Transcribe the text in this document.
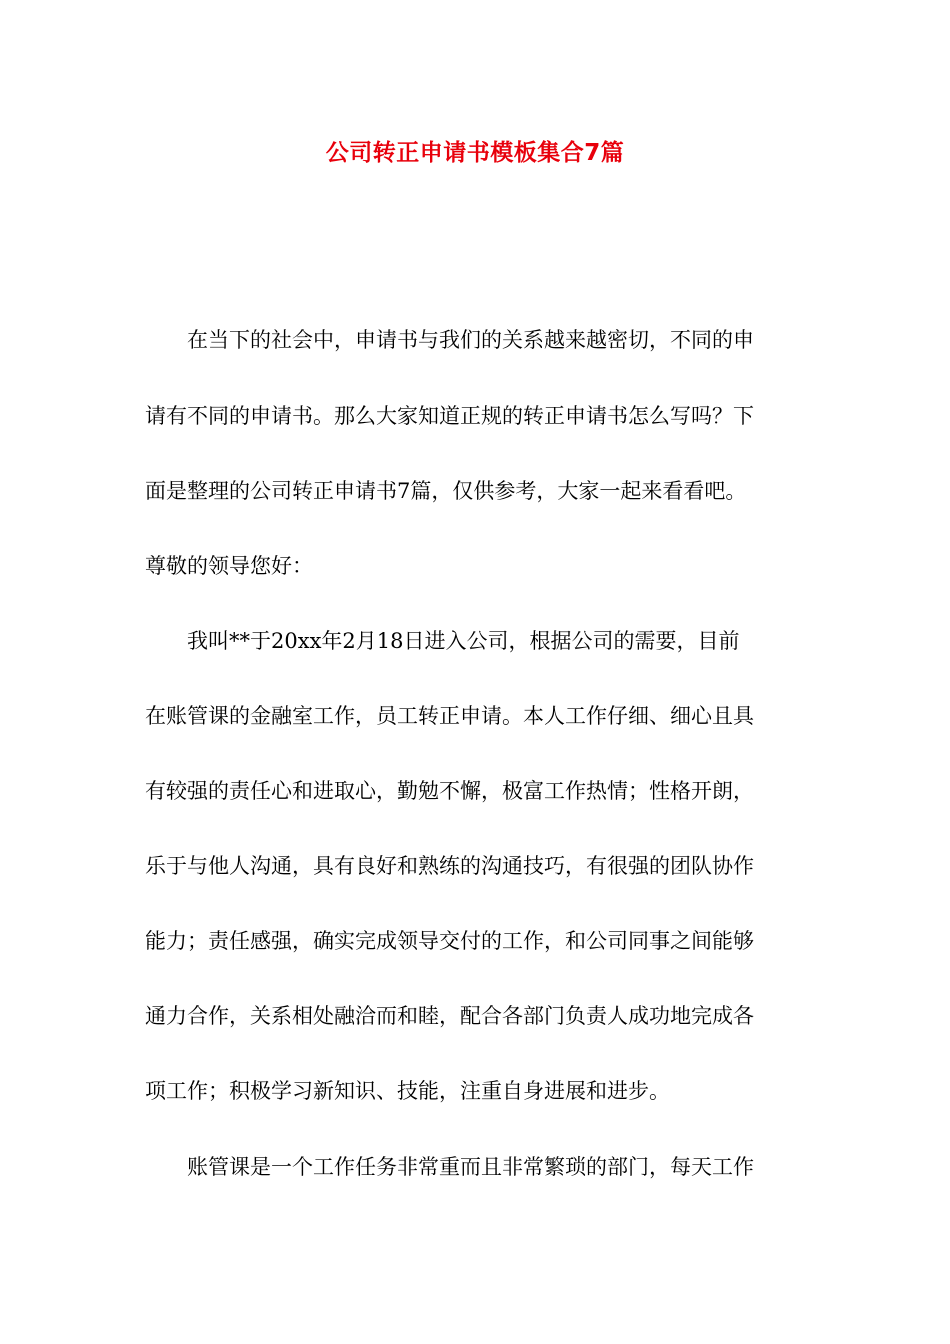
公司转正申请书模板集合7篇
　　在当下的社会中，申请书与我们的关系越来越密切，不同的申
请有不同的申请书。那么大家知道正规的转正申请书怎么写吗？下
面是整理的公司转正申请书7篇，仅供参考，大家一起来看看吧。
尊敬的领导您好：
　　我叫**于20xx年2月18日进入公司，根据公司的需要，目前
在账管课的金融室工作，员工转正申请。本人工作仔细、细心且具
有较强的责任心和进取心，勤勉不懈，极富工作热情；性格开朗，
乐于与他人沟通，具有良好和熟练的沟通技巧，有很强的团队协作
能力；责任感强，确实完成领导交付的工作，和公司同事之间能够
通力合作，关系相处融洽而和睦，配合各部门负责人成功地完成各
项工作；积极学习新知识、技能，注重自身进展和进步。
　　账管课是一个工作任务非常重而且非常繁琐的部门，每天工作
